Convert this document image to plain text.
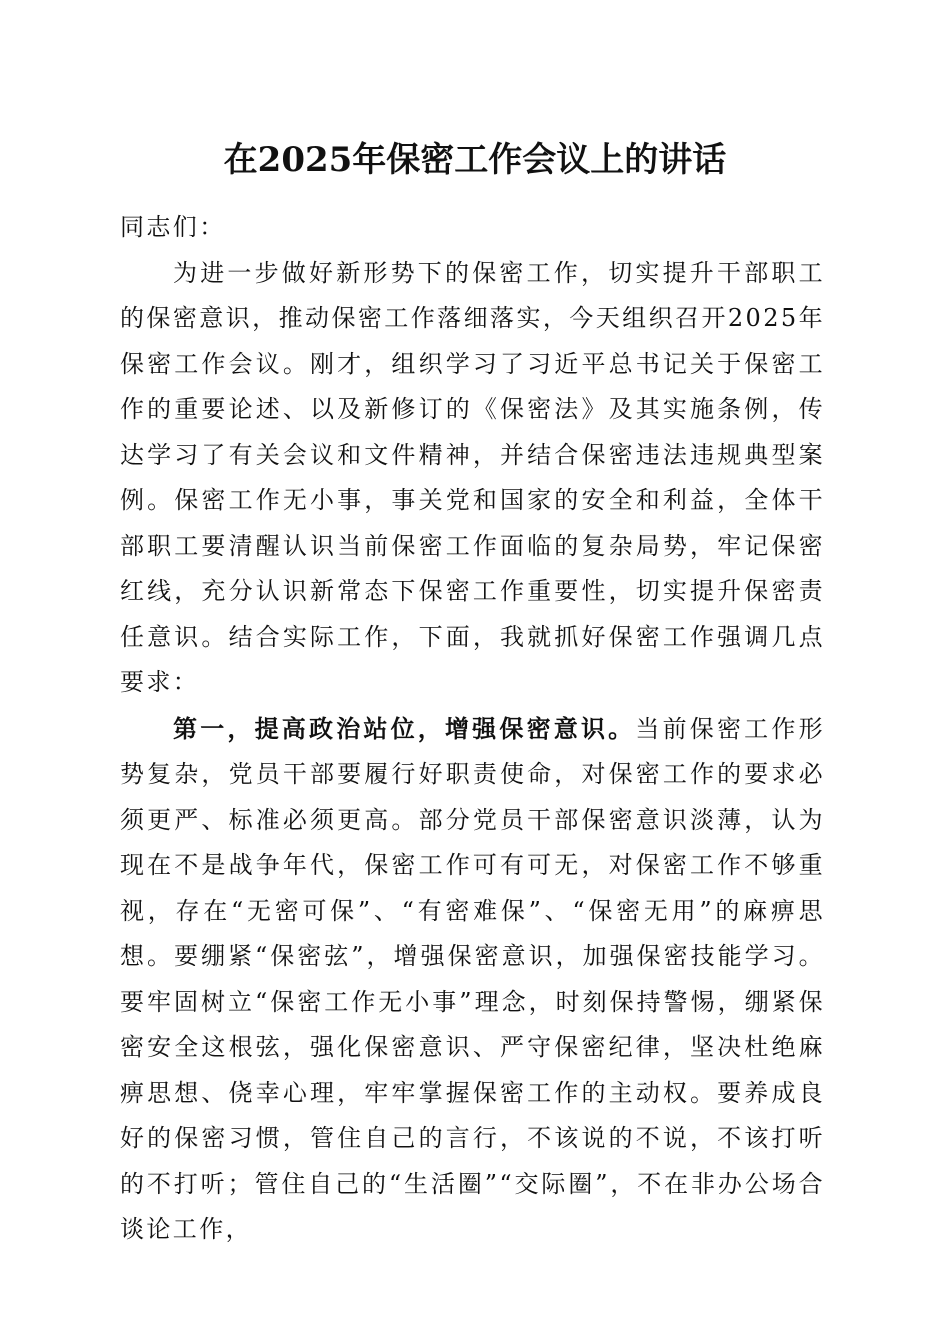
在2025年保密工作会议上的讲话

同志们：

为进一步做好新形势下的保密工作，切实提升干部职工的保密意识，推动保密工作落细落实，今天组织召开2025年保密工作会议。刚才，组织学习了习近平总书记关于保密工作的重要论述、以及新修订的《保密法》及其实施条例，传达学习了有关会议和文件精神，并结合保密违法违规典型案例。保密工作无小事，事关党和国家的安全和利益，全体干部职工要清醒认识当前保密工作面临的复杂局势，牢记保密红线，充分认识新常态下保密工作重要性，切实提升保密责任意识。结合实际工作，下面，我就抓好保密工作强调几点要求：

第一，提高政治站位，增强保密意识。当前保密工作形势复杂，党员干部要履行好职责使命，对保密工作的要求必须更严、标准必须更高。部分党员干部保密意识淡薄，认为现在不是战争年代，保密工作可有可无，对保密工作不够重视，存在“无密可保”、“有密难保”、“保密无用”的麻痹思想。要绷紧“保密弦”，增强保密意识，加强保密技能学习。要牢固树立“保密工作无小事”理念，时刻保持警惕，绷紧保密安全这根弦，强化保密意识、严守保密纪律，坚决杜绝麻痹思想、侥幸心理，牢牢掌握保密工作的主动权。要养成良好的保密习惯，管住自己的言行，不该说的不说，不该打听的不打听；管住自己的“生活圈”“交际圈”，不在非办公场合谈论工作，
